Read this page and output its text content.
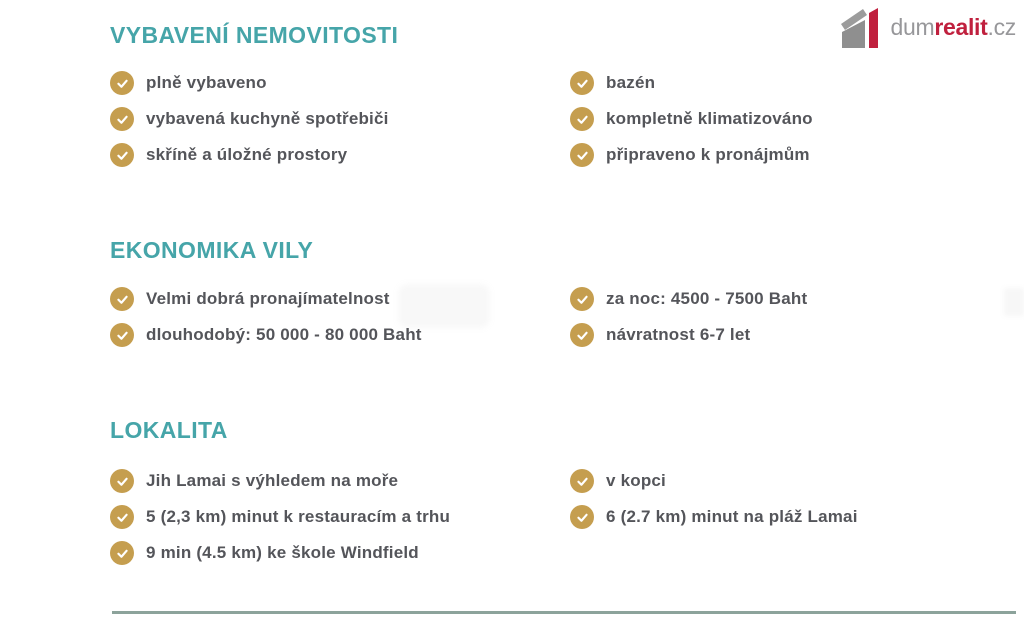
dumrealit.cz
VYBAVENÍ NEMOVITOSTI
plně vybaveno
vybavená kuchyně spotřebiči
skříně a úložné prostory
bazén
kompletně klimatizováno
připraveno k pronájmům
EKONOMIKA VILY
Velmi dobrá pronajímatelnost
dlouhodobý: 50 000 - 80 000 Baht
za noc: 4500 - 7500 Baht
návratnost 6-7 let
LOKALITA
Jih Lamai s výhledem na moře
5 (2,3 km) minut k restauracím a trhu
9 min (4.5 km) ke škole Windfield
v kopci
6 (2.7 km) minut na pláž Lamai
